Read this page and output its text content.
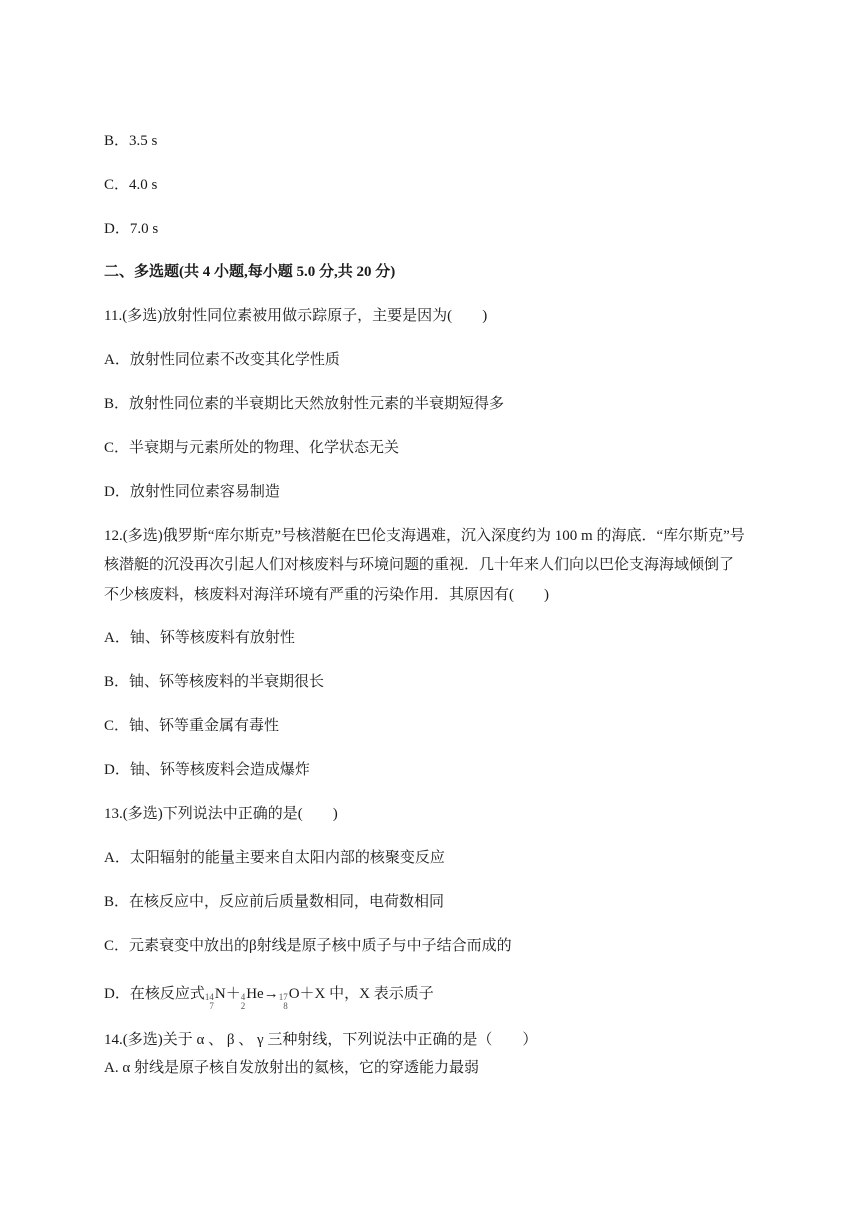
B．3.5 s
C．4.0 s
D．7.0 s
二、多选题(共 4 小题,每小题 5.0 分,共 20 分)
11.(多选)放射性同位素被用做示踪原子，主要是因为( )
A．放射性同位素不改变其化学性质
B．放射性同位素的半衰期比天然放射性元素的半衰期短得多
C．半衰期与元素所处的物理、化学状态无关
D．放射性同位素容易制造
12.(多选)俄罗斯“库尔斯克”号核潜艇在巴伦支海遇难，沉入深度约为 100 m 的海底．“库尔斯克”号
核潜艇的沉没再次引起人们对核废料与环境问题的重视．几十年来人们向以巴伦支海海域倾倒了
不少核废料，核废料对海洋环境有严重的污染作用．其原因有( )
A．铀、钚等核废料有放射性
B．铀、钚等核废料的半衰期很长
C．铀、钚等重金属有毒性
D．铀、钚等核废料会造成爆炸
13.(多选)下列说法中正确的是( )
A．太阳辐射的能量主要来自太阳内部的核聚变反应
B．在核反应中，反应前后质量数相同，电荷数相同
C．元素衰变中放出的β射线是原子核中质子与中子结合而成的
D．在核反应式 14
7
N＋ 4
2
He→ 17
8
O＋X 中，X 表示质子
14.(多选)关于 α 、 β 、 γ 三种射线，下列说法中正确的是（ ）
A. α 射线是原子核自发放射出的氦核，它的穿透能力最弱
